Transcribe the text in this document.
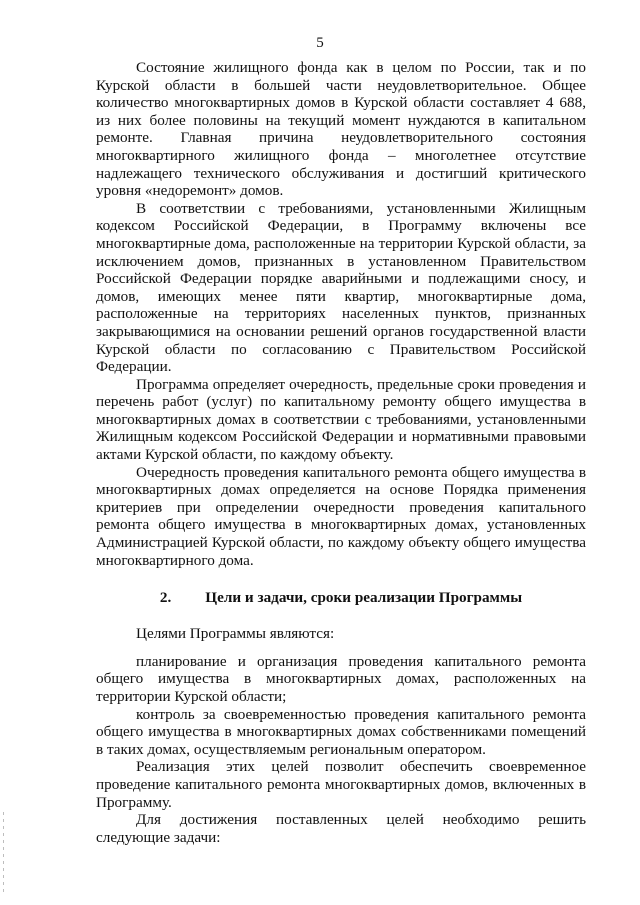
5

Состояние жилищного фонда как в целом по России, так и по Курской области в большей части неудовлетворительное. Общее количество многоквартирных домов в Курской области составляет 4 688, из них более половины на текущий момент нуждаются в капитальном ремонте. Главная причина неудовлетворительного состояния многоквартирного жилищного фонда – многолетнее отсутствие надлежащего технического обслуживания и достигший критического уровня «недоремонт» домов.

В соответствии с требованиями, установленными Жилищным кодексом Российской Федерации, в Программу включены все многоквартирные дома, расположенные на территории Курской области, за исключением домов, признанных в установленном Правительством Российской Федерации порядке аварийными и подлежащими сносу, и домов, имеющих менее пяти квартир, многоквартирные дома, расположенные на территориях населенных пунктов, признанных закрывающимися на основании решений органов государственной власти Курской области по согласованию с Правительством Российской Федерации.

Программа определяет очередность, предельные сроки проведения и перечень работ (услуг) по капитальному ремонту общего имущества в многоквартирных домах в соответствии с требованиями, установленными Жилищным кодексом Российской Федерации и нормативными правовыми актами Курской области, по каждому объекту.

Очередность проведения капитального ремонта общего имущества в многоквартирных домах определяется на основе Порядка применения критериев при определении очередности проведения капитального ремонта общего имущества в многоквартирных домах, установленных Администрацией Курской области, по каждому объекту общего имущества многоквартирного дома.

2. Цели и задачи, сроки реализации Программы

Целями Программы являются:

планирование и организация проведения капитального ремонта общего имущества в многоквартирных домах, расположенных на территории Курской области;

контроль за своевременностью проведения капитального ремонта общего имущества в многоквартирных домах собственниками помещений в таких домах, осуществляемым региональным оператором.

Реализация этих целей позволит обеспечить своевременное проведение капитального ремонта многоквартирных домов, включенных в Программу.

Для достижения поставленных целей необходимо решить следующие задачи:
